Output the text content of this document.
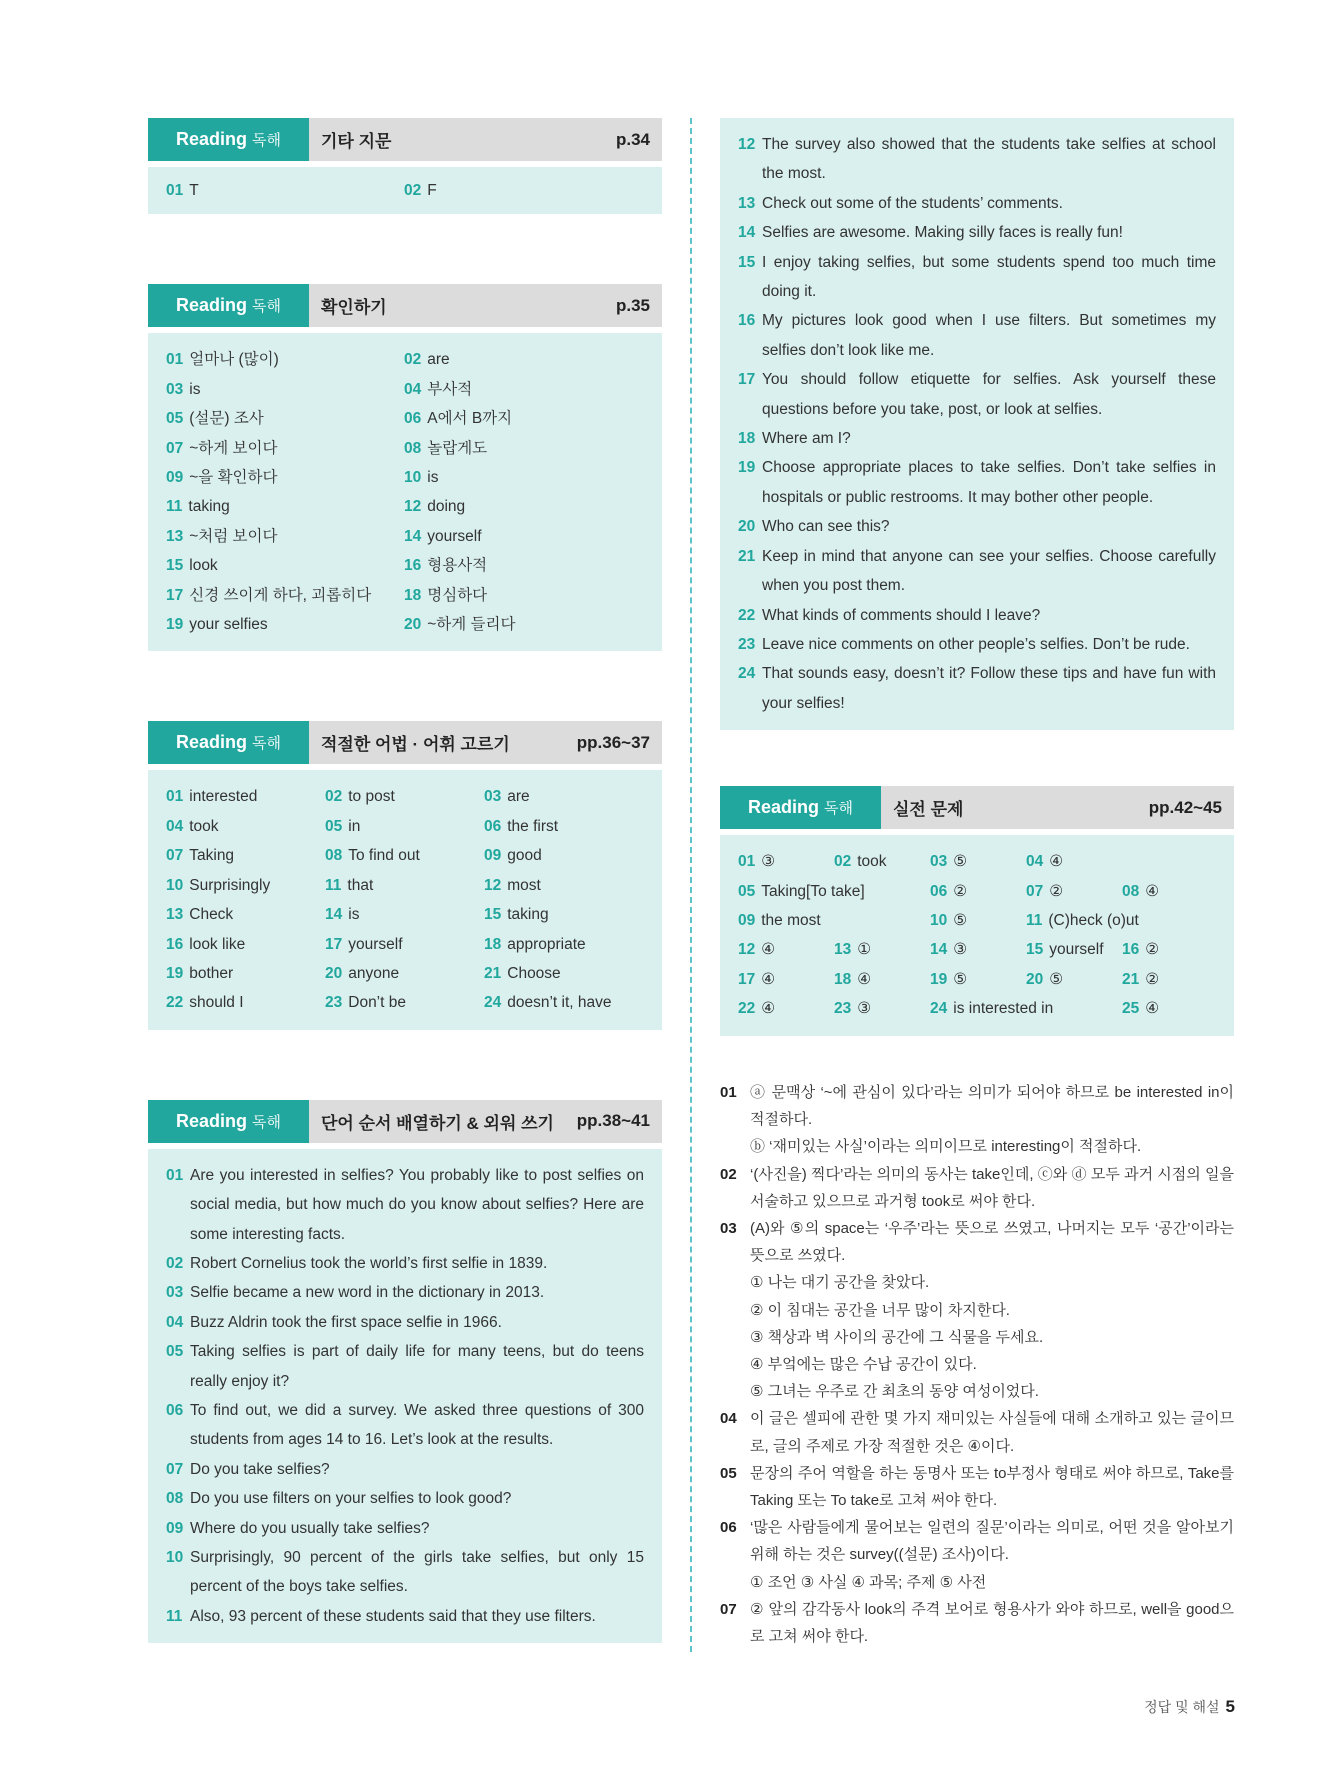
Reading 독해	기타 지문	p.34
01 T	02 F
Reading 독해	확인하기	p.35
01 얼마나 (많이)	02 are
03 is	04 부사적
05 (설문) 조사	06 A에서 B까지
07 ~하게 보이다	08 놀랍게도
09 ~을 확인하다	10 is
11 taking	12 doing
13 ~처럼 보이다	14 yourself
15 look	16 형용사적
17 신경 쓰이게 하다, 괴롭히다	18 명심하다
19 your selfies	20 ~하게 들리다
Reading 독해	적절한 어법 · 어휘 고르기	pp.36~37
01 interested	02 to post	03 are
04 took	05 in	06 the first
07 Taking	08 To find out	09 good
10 Surprisingly	11 that	12 most
13 Check	14 is	15 taking
16 look like	17 yourself	18 appropriate
19 bother	20 anyone	21 Choose
22 should I	23 Don’t be	24 doesn’t it, have
Reading 독해	단어 순서 배열하기 & 외워 쓰기	pp.38~41
01 Are you interested in selfies? You probably like to post selfies on social media, but how much do you know about selfies? Here are some interesting facts.
02 Robert Cornelius took the world’s first selfie in 1839.
03 Selfie became a new word in the dictionary in 2013.
04 Buzz Aldrin took the first space selfie in 1966.
05 Taking selfies is part of daily life for many teens, but do teens really enjoy it?
06 To find out, we did a survey. We asked three questions of 300 students from ages 14 to 16. Let’s look at the results.
07 Do you take selfies?
08 Do you use filters on your selfies to look good?
09 Where do you usually take selfies?
10 Surprisingly, 90 percent of the girls take selfies, but only 15 percent of the boys take selfies.
11 Also, 93 percent of these students said that they use filters.
12 The survey also showed that the students take selfies at school the most.
13 Check out some of the students’ comments.
14 Selfies are awesome. Making silly faces is really fun!
15 I enjoy taking selfies, but some students spend too much time doing it.
16 My pictures look good when I use filters. But sometimes my selfies don’t look like me.
17 You should follow etiquette for selfies. Ask yourself these questions before you take, post, or look at selfies.
18 Where am I?
19 Choose appropriate places to take selfies. Don’t take selfies in hospitals or public restrooms. It may bother other people.
20 Who can see this?
21 Keep in mind that anyone can see your selfies. Choose carefully when you post them.
22 What kinds of comments should I leave?
23 Leave nice comments on other people’s selfies. Don’t be rude.
24 That sounds easy, doesn’t it? Follow these tips and have fun with your selfies!
Reading 독해	실전 문제	pp.42~45
01 ③	02 took	03 ⑤	04 ④
05 Taking[To take]	06 ②	07 ②	08 ④
09 the most	10 ⑤	11 (C)heck (o)ut
12 ④	13 ①	14 ③	15 yourself	16 ②
17 ④	18 ④	19 ⑤	20 ⑤	21 ②
22 ④	23 ③	24 is interested in	25 ④
01 ⓐ 문맥상 ‘~에 관심이 있다’라는 의미가 되어야 하므로 be interested in이 적절하다.
ⓑ ‘재미있는 사실’이라는 의미이므로 interesting이 적절하다.
02 ‘(사진을) 찍다’라는 의미의 동사는 take인데, ⓒ와 ⓓ 모두 과거 시점의 일을 서술하고 있으므로 과거형 took로 써야 한다.
03 (A)와 ⑤의 space는 ‘우주’라는 뜻으로 쓰였고, 나머지는 모두 ‘공간’이라는 뜻으로 쓰였다.
① 나는 대기 공간을 찾았다.
② 이 침대는 공간을 너무 많이 차지한다.
③ 책상과 벽 사이의 공간에 그 식물을 두세요.
④ 부엌에는 많은 수납 공간이 있다.
⑤ 그녀는 우주로 간 최초의 동양 여성이었다.
04 이 글은 셀피에 관한 몇 가지 재미있는 사실들에 대해 소개하고 있는 글이므로, 글의 주제로 가장 적절한 것은 ④이다.
05 문장의 주어 역할을 하는 동명사 또는 to부정사 형태로 써야 하므로, Take를 Taking 또는 To take로 고쳐 써야 한다.
06 ‘많은 사람들에게 물어보는 일련의 질문’이라는 의미로, 어떤 것을 알아보기 위해 하는 것은 survey((설문) 조사)이다.
① 조언 ③ 사실 ④ 과목; 주제 ⑤ 사전
07 ② 앞의 감각동사 look의 주격 보어로 형용사가 와야 하므로, well을 good으로 고쳐 써야 한다.
정답 및 해설 5
